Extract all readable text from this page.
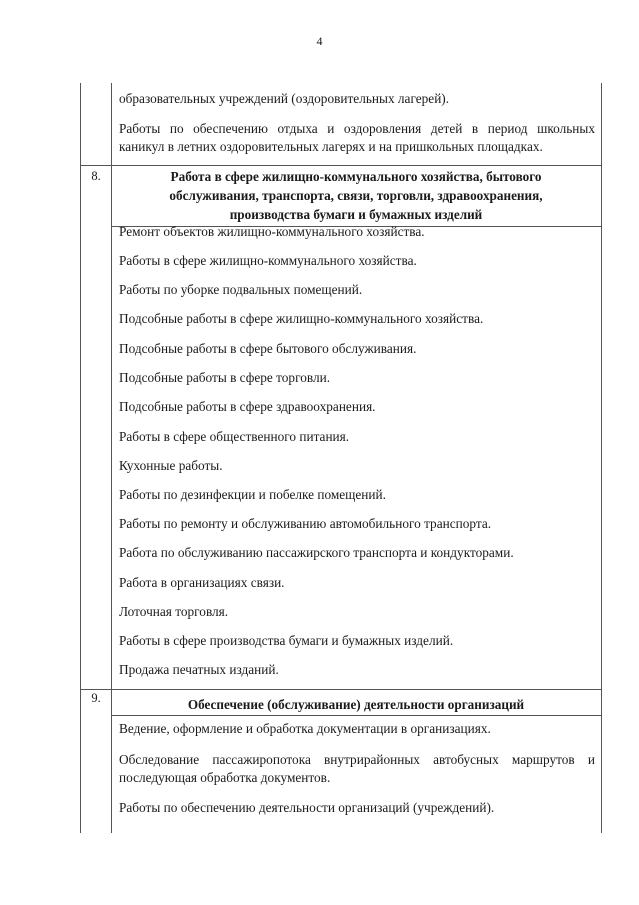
4
образовательных учреждений (оздоровительных лагерей).
Работы по обеспечению отдыха и оздоровления детей в период школьных
каникул в летних оздоровительных лагерях и на пришкольных площадках.
8.	Работа в сфере жилищно-коммунального хозяйства, бытового
обслуживания, транспорта, связи, торговли, здравоохранения,
производства бумаги и бумажных изделий
Ремонт объектов жилищно-коммунального хозяйства.
Работы в сфере жилищно-коммунального хозяйства.
Работы по уборке подвальных помещений.
Подсобные работы в сфере жилищно-коммунального хозяйства.
Подсобные работы в сфере бытового обслуживания.
Подсобные работы в сфере торговли.
Подсобные работы в сфере здравоохранения.
Работы в сфере общественного питания.
Кухонные работы.
Работы по дезинфекции и побелке помещений.
Работы по ремонту и обслуживанию автомобильного транспорта.
Работа по обслуживанию пассажирского транспорта и кондукторами.
Работа в организациях связи.
Лоточная торговля.
Работы в сфере производства бумаги и бумажных изделий.
Продажа печатных изданий.
9.	Обеспечение (обслуживание) деятельности организаций
Ведение, оформление и обработка документации в организациях.
Обследование пассажиропотока внутрирайонных автобусных маршрутов и
последующая обработка документов.
Работы по обеспечению деятельности организаций (учреждений).
